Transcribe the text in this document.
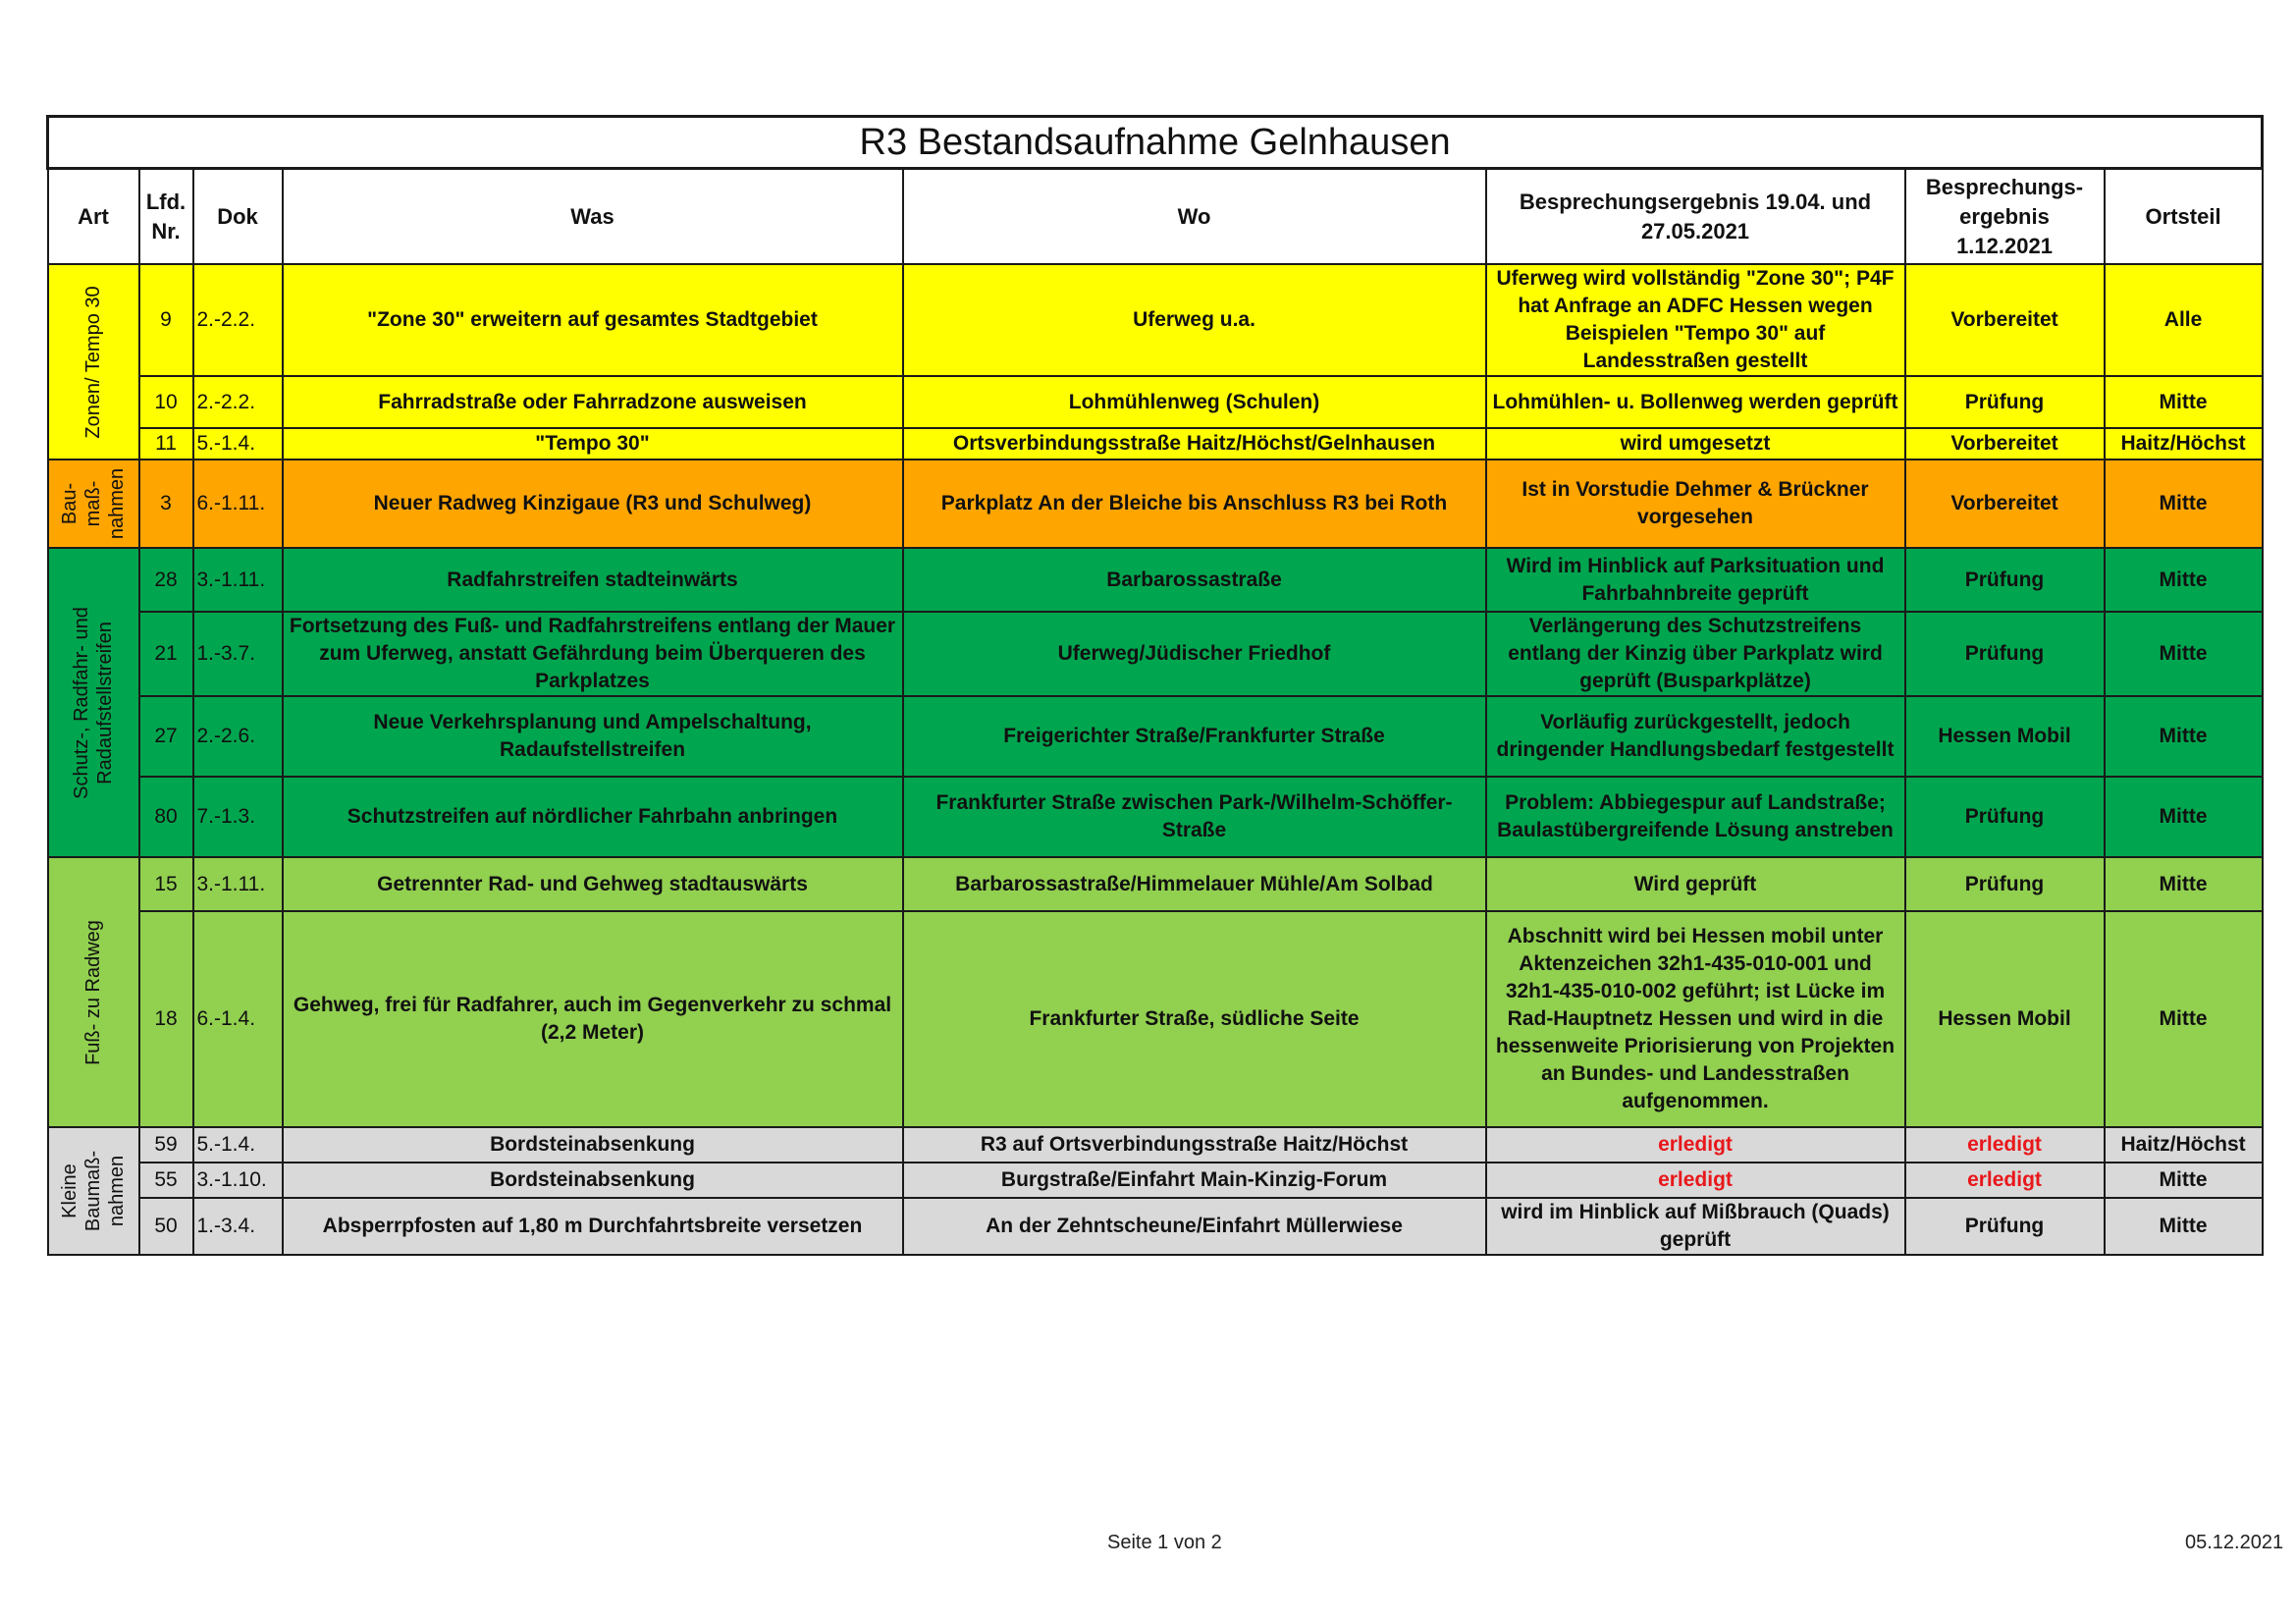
R3 Bestandsaufnahme Gelnhausen							
Art	Lfd. Nr.	Dok	Was	Wo	Besprechungsergebnis 19.04. und 27.05.2021	Besprechungs-ergebnis 1.12.2021	Ortsteil

Zonen/ Tempo 30	9	2.-2.2.	"Zone 30" erweitern auf gesamtes Stadtgebiet	Uferweg u.a.	Uferweg wird vollständig "Zone 30"; P4F hat Anfrage an ADFC Hessen wegen Beispielen "Tempo 30" auf Landesstraßen gestellt	Vorbereitet	Alle
	10	2.-2.2.	Fahrradstraße oder Fahrradzone ausweisen	Lohmühlenweg (Schulen)	Lohmühlen- u. Bollenweg werden geprüft	Prüfung	Mitte
	11	5.-1.4.	"Tempo 30"	Ortsverbindungsstraße Haitz/Höchst/Gelnhausen	wird umgesetzt	Vorbereitet	Haitz/Höchst

Bau-maß-nahmen	3	6.-1.11.	Neuer Radweg Kinzigaue (R3 und Schulweg)	Parkplatz An der Bleiche bis Anschluss R3 bei Roth	Ist in Vorstudie Dehmer & Brückner vorgesehen	Vorbereitet	Mitte

Schutz-, Radfahr- und Radaufstellstreifen	28	3.-1.11.	Radfahrstreifen stadteinwärts	Barbarossastraße	Wird im Hinblick auf Parksituation und Fahrbahnbreite geprüft	Prüfung	Mitte
	21	1.-3.7.	Fortsetzung des Fuß- und Radfahrstreifens entlang der Mauer zum Uferweg, anstatt Gefährdung beim Überqueren des Parkplatzes	Uferweg/Jüdischer Friedhof	Verlängerung des Schutzstreifens entlang der Kinzig über Parkplatz wird geprüft (Busparkplätze)	Prüfung	Mitte
	27	2.-2.6.	Neue Verkehrsplanung und Ampelschaltung, Radaufstellstreifen	Freigerichter Straße/Frankfurter Straße	Vorläufig zurückgestellt, jedoch dringender Handlungsbedarf festgestellt	Hessen Mobil	Mitte
	80	7.-1.3.	Schutzstreifen auf nördlicher Fahrbahn anbringen	Frankfurter Straße zwischen Park-/Wilhelm-Schöffer-Straße	Problem: Abbiegespur auf Landstraße; Baulastübergreifende Lösung anstreben	Prüfung	Mitte

Fuß- zu Radweg	15	3.-1.11.	Getrennter Rad- und Gehweg stadtauswärts	Barbarossastraße/Himmelauer Mühle/Am Solbad	Wird geprüft	Prüfung	Mitte
	18	6.-1.4.	Gehweg, frei für Radfahrer, auch im Gegenverkehr zu schmal (2,2 Meter)	Frankfurter Straße, südliche Seite	Abschnitt wird bei Hessen mobil unter Aktenzeichen 32h1-435-010-001 und 32h1-435-010-002 geführt; ist Lücke im Rad-Hauptnetz Hessen und wird in die hessenweite Priorisierung von Projekten an Bundes- und Landesstraßen aufgenommen.	Hessen Mobil	Mitte

Kleine Baumaß-nahmen	59	5.-1.4.	Bordsteinabsenkung	R3 auf Ortsverbindungsstraße Haitz/Höchst	erledigt	erledigt	Haitz/Höchst
	55	3.-1.10.	Bordsteinabsenkung	Burgstraße/Einfahrt Main-Kinzig-Forum	erledigt	erledigt	Mitte
	50	1.-3.4.	Absperrpfosten auf 1,80 m Durchfahrtsbreite versetzen	An der Zehntscheune/Einfahrt Müllerwiese	wird im Hinblick auf Mißbrauch (Quads) geprüft	Prüfung	Mitte
Seite 1 von 2	05.12.2021
